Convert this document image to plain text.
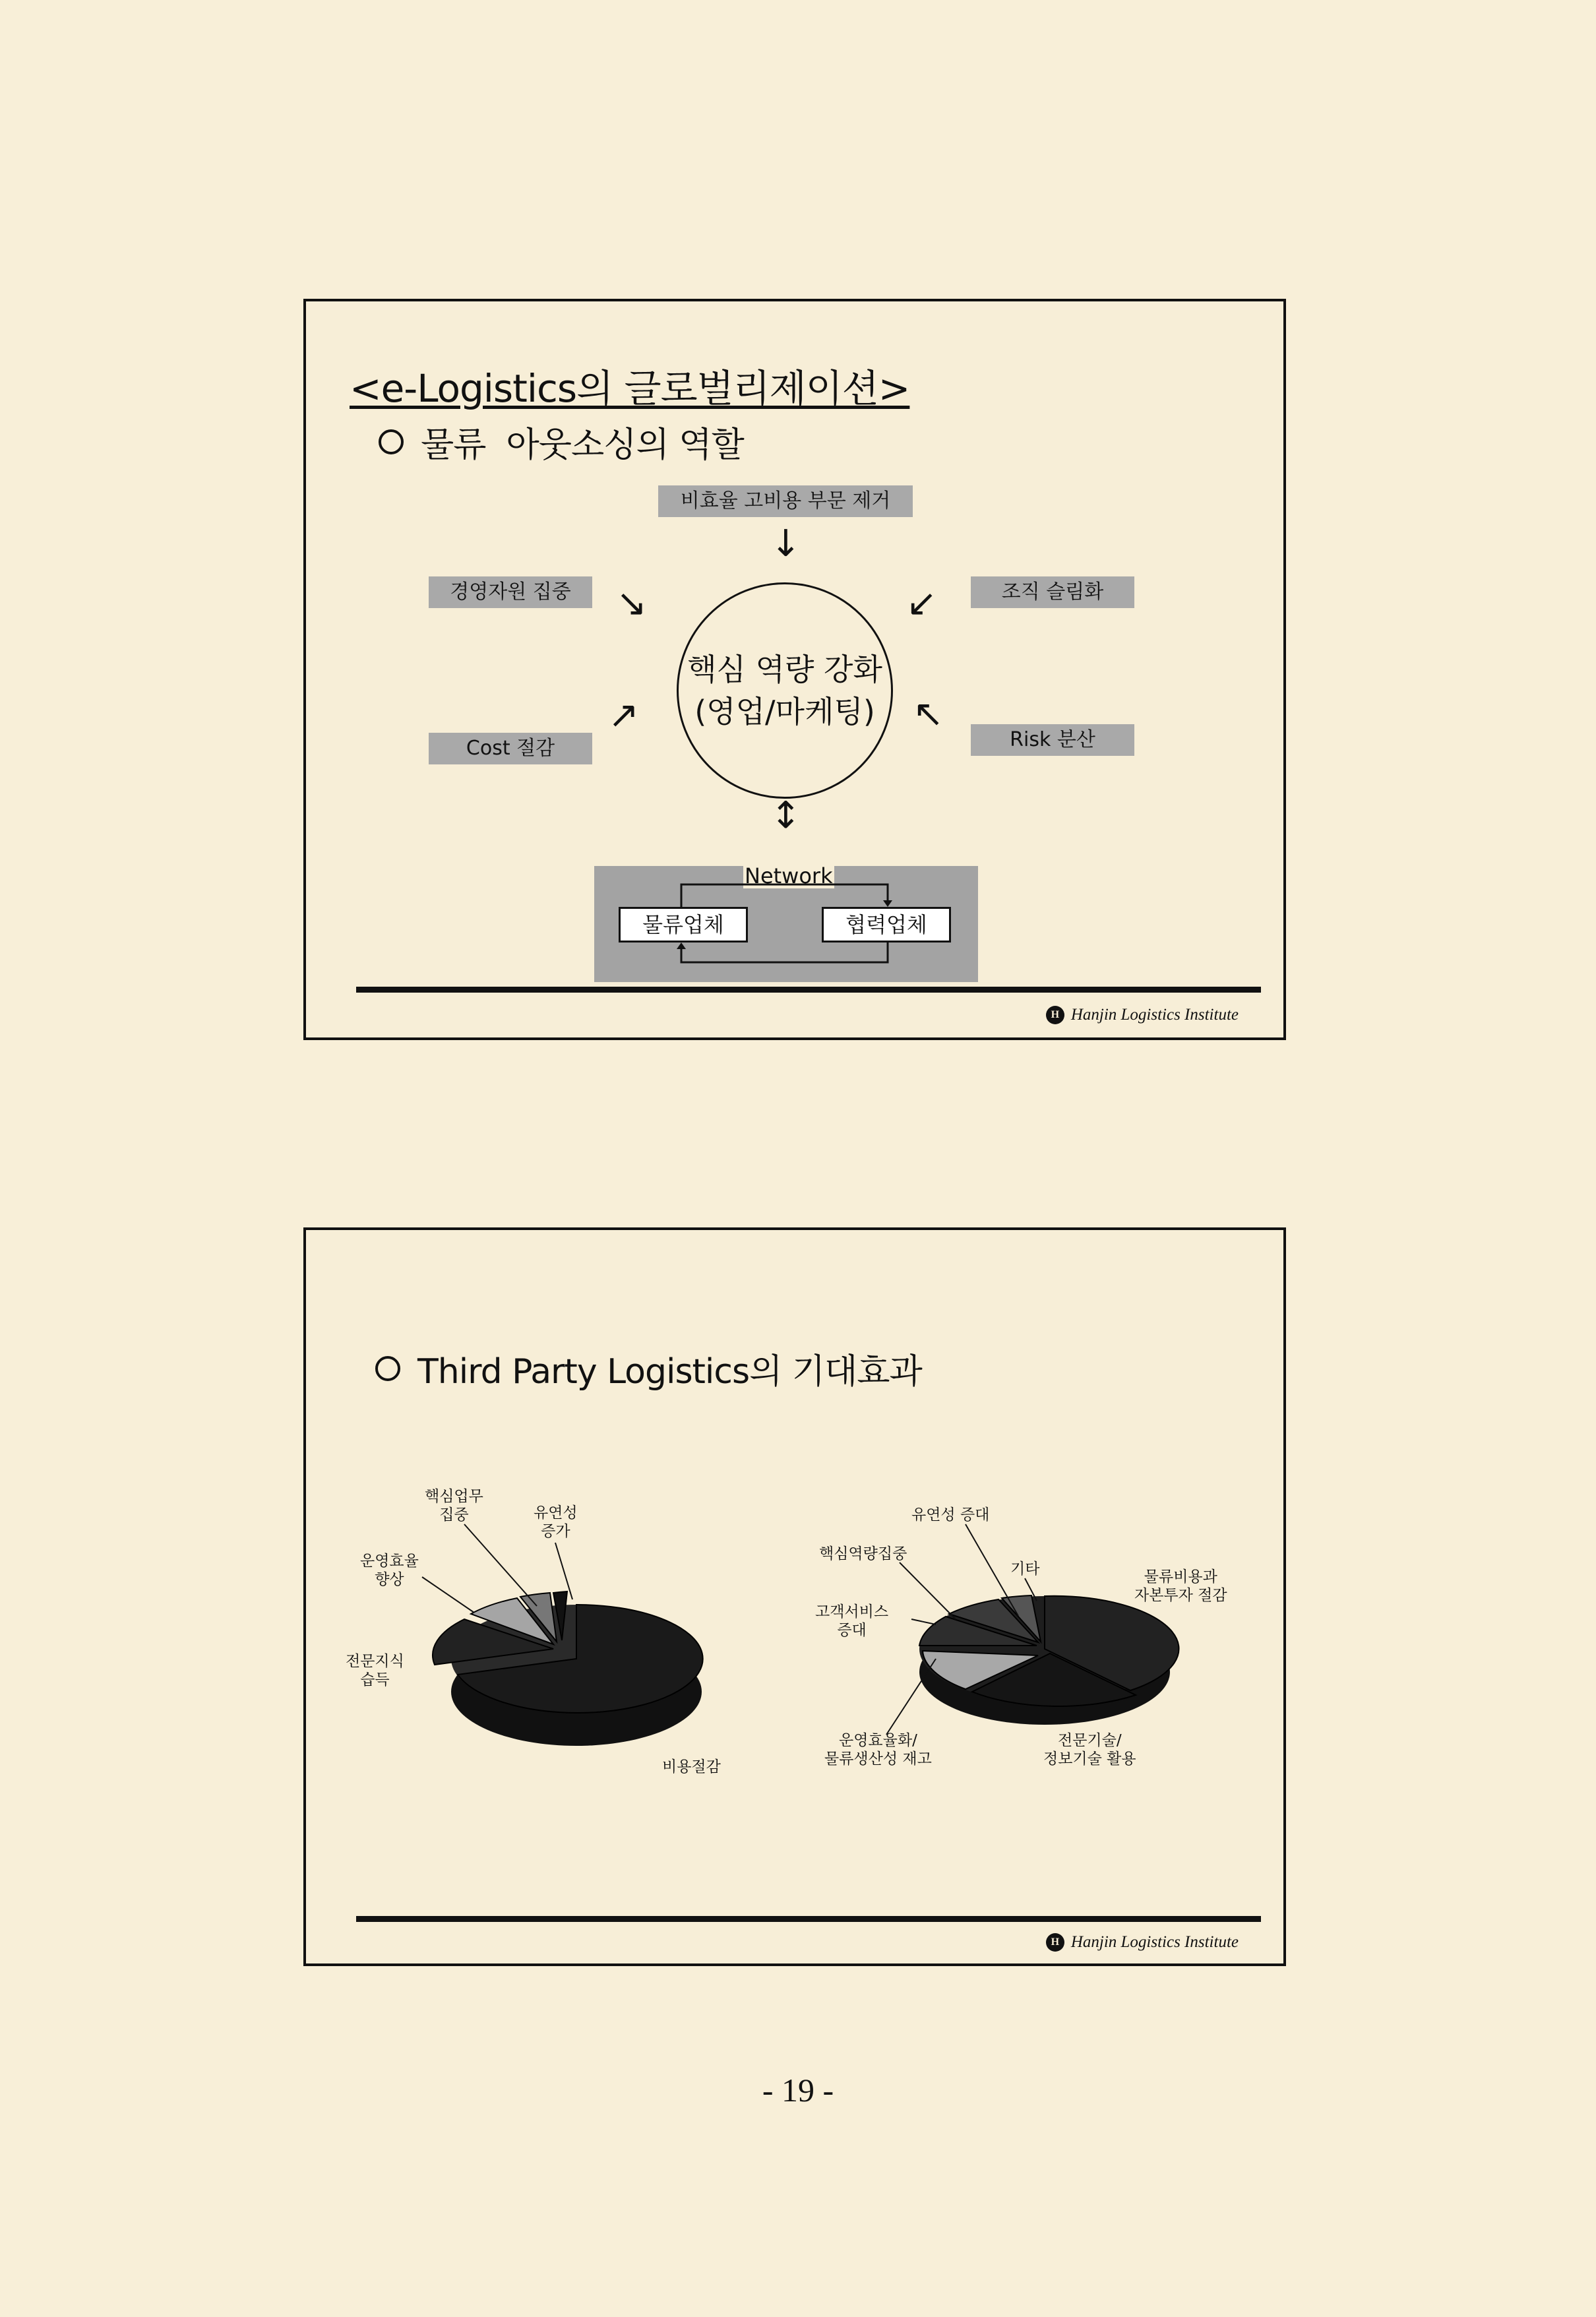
<e-Logistics의 글로벌리제이션>
물류  아웃소싱의 역할
비효율 고비용 부문 제거
↓
경영자원 집중	↘	조직 슬림화
↙
핵심 역량 강화
(영업/마케팅)
Cost 절감
↗
Risk 분산
↖
↕
Network
물류업체	협력업체
H Hanjin Logistics Institute
Third Party Logistics의 기대효과
핵심업무
집중	유연성
증가
운영효율
향상
전문지식
습득
비용절감
유연성 증대
핵심역량집중
기타
고객서비스
증대
물류비용과
자본투자 절감
운영효율화/
물류생산성 재고
전문기술/
정보기술 활용
H Hanjin Logistics Institute
- 19 -
